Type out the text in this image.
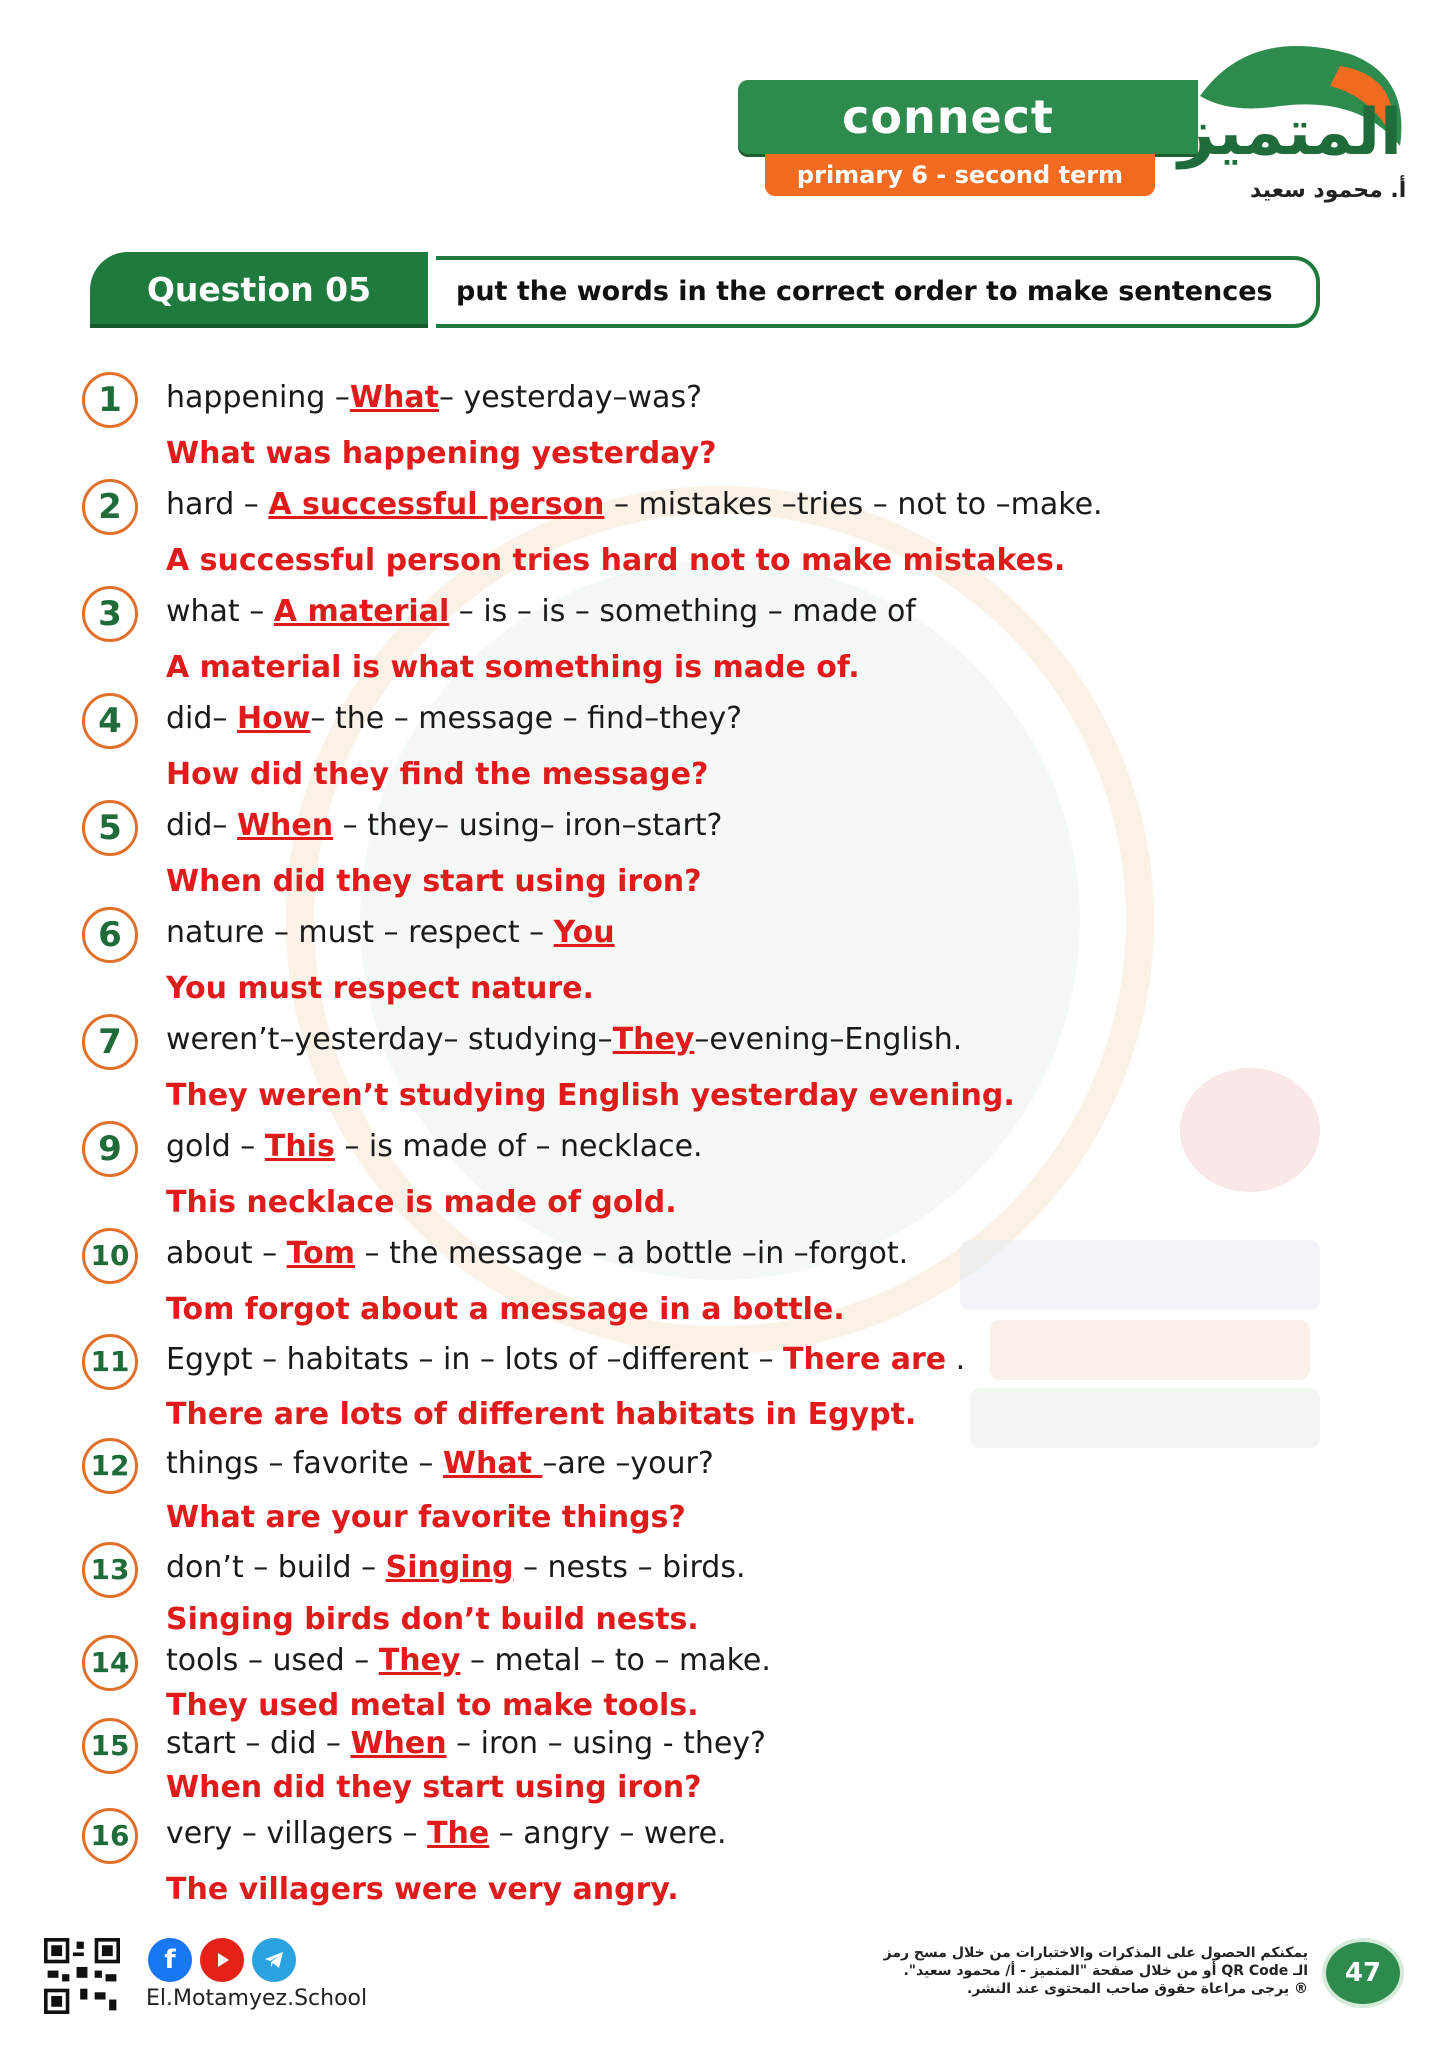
connect
primary 6 - second term
المتميز
أ. محمود سعيد
Question 05	put the words in the correct order to make sentences
1	happening –What– yesterday–was?
What was happening yesterday?
2	hard – A successful person – mistakes –tries – not to –make.
A successful person tries hard not to make mistakes.
3	what – A material – is – is – something – made of
A material is what something is made of.
4	did– How– the – message – find–they?
How did they find the message?
5	did– When – they– using– iron–start?
When did they start using iron?
6	nature – must – respect – You
You must respect nature.
7	weren’t–yesterday– studying–They–evening–English.
They weren’t studying English yesterday evening.
9	gold – This – is made of – necklace.
This necklace is made of gold.
10 about – Tom – the message – a bottle –in –forgot.
Tom forgot about a message in a bottle.
11 Egypt – habitats – in – lots of –different – There are .
There are lots of different habitats in Egypt.
12 things – favorite – What –are –your?
What are your favorite things?
13 don’t – build – Singing – nests – birds.
Singing birds don’t build nests.
14 tools – used – They – metal – to – make.
They used metal to make tools.
15 start – did – When – iron – using - they?
When did they start using iron?
16 very – villagers – The – angry – were.
The villagers were very angry.
f
El.Motamyez.School
يمكنكم الحصول على المذكرات والاختبارات من خلال مسح رمز
الـ QR Code أو من خلال صفحة "المتميز - أ/ محمود سعيد".
® يرجى مراعاة حقوق صاحب المحتوى عند النشر.
47
